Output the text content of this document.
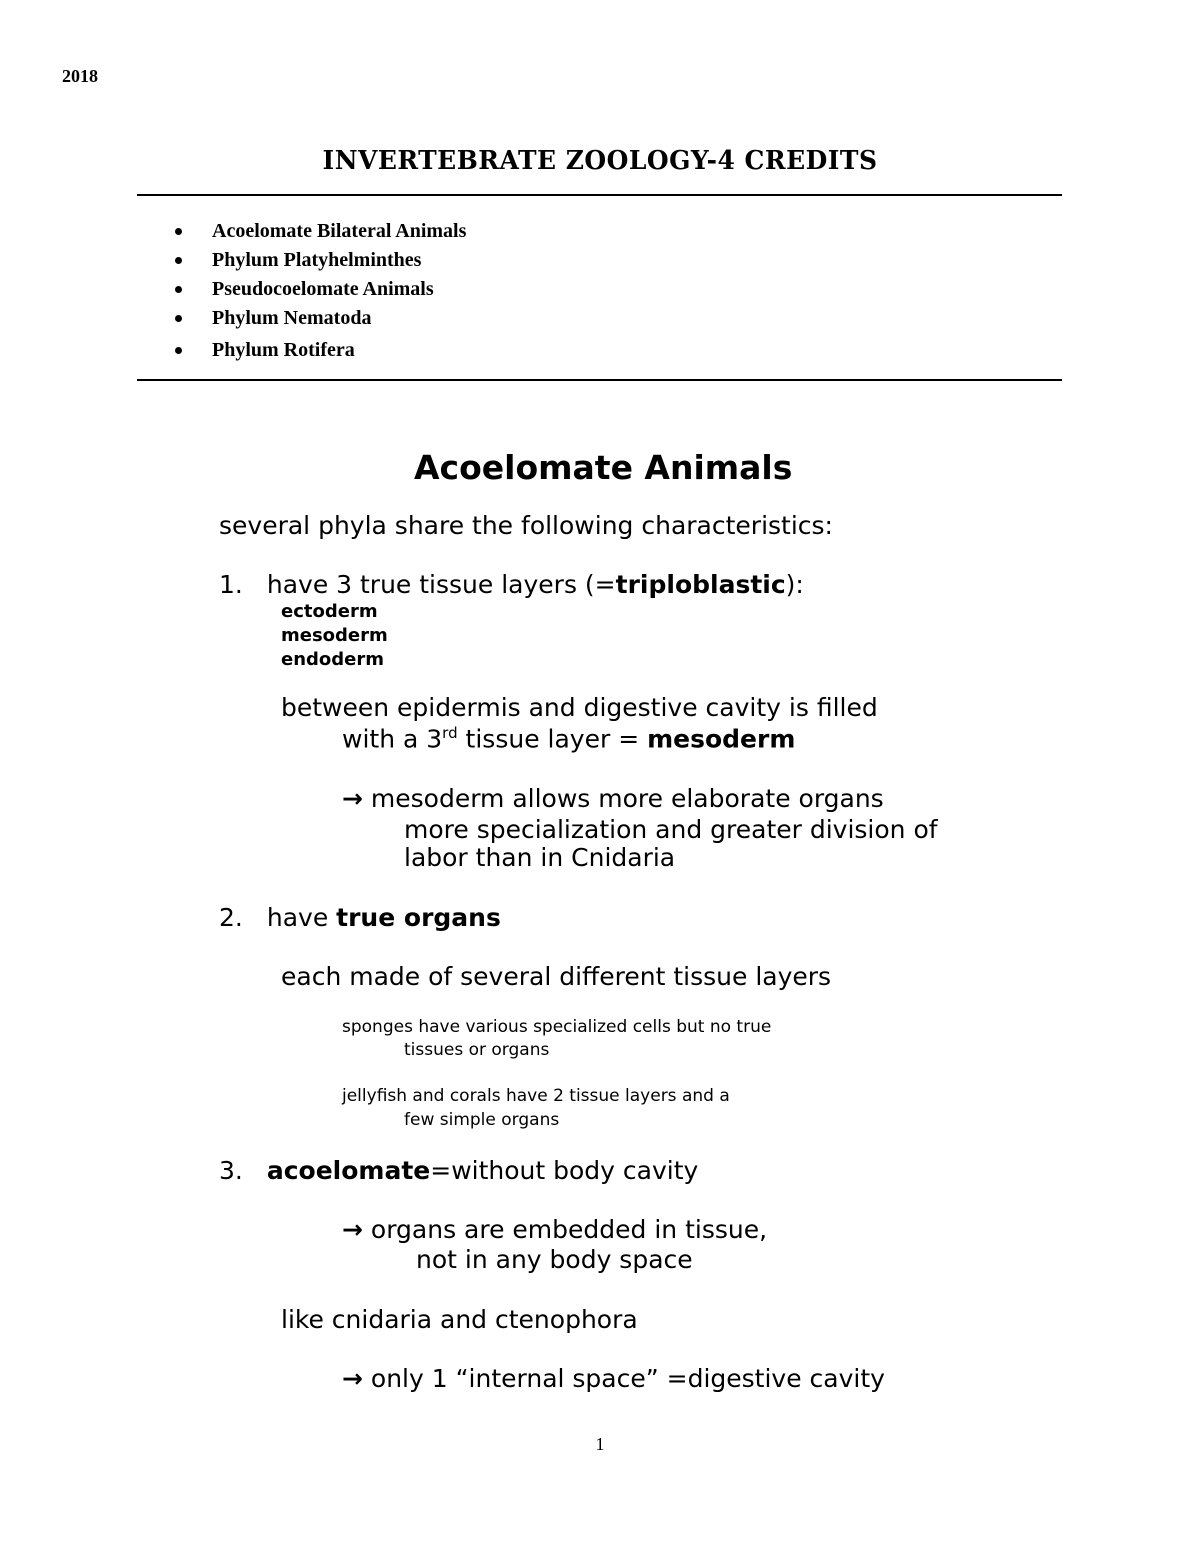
2018
INVERTEBRATE ZOOLOGY-4 CREDITS
Acoelomate Bilateral Animals
Phylum Platyhelminthes
Pseudocoelomate Animals
Phylum Nematoda
Phylum Rotifera
Acoelomate Animals
several phyla share the following characteristics:
1. have 3 true tissue layers (=triploblastic):
ectoderm
mesoderm
endoderm
between epidermis and digestive cavity is filled
with a 3rd tissue layer = mesoderm
→ mesoderm allows more elaborate organs
more specialization and greater division of
labor than in Cnidaria
2. have true organs
each made of several different tissue layers
sponges have various specialized cells but no true
tissues or organs
jellyfish and corals have 2 tissue layers and a
few simple organs
3. acoelomate=without body cavity
→ organs are embedded in tissue,
not in any body space
like cnidaria and ctenophora
→ only 1 “internal space” =digestive cavity
1
